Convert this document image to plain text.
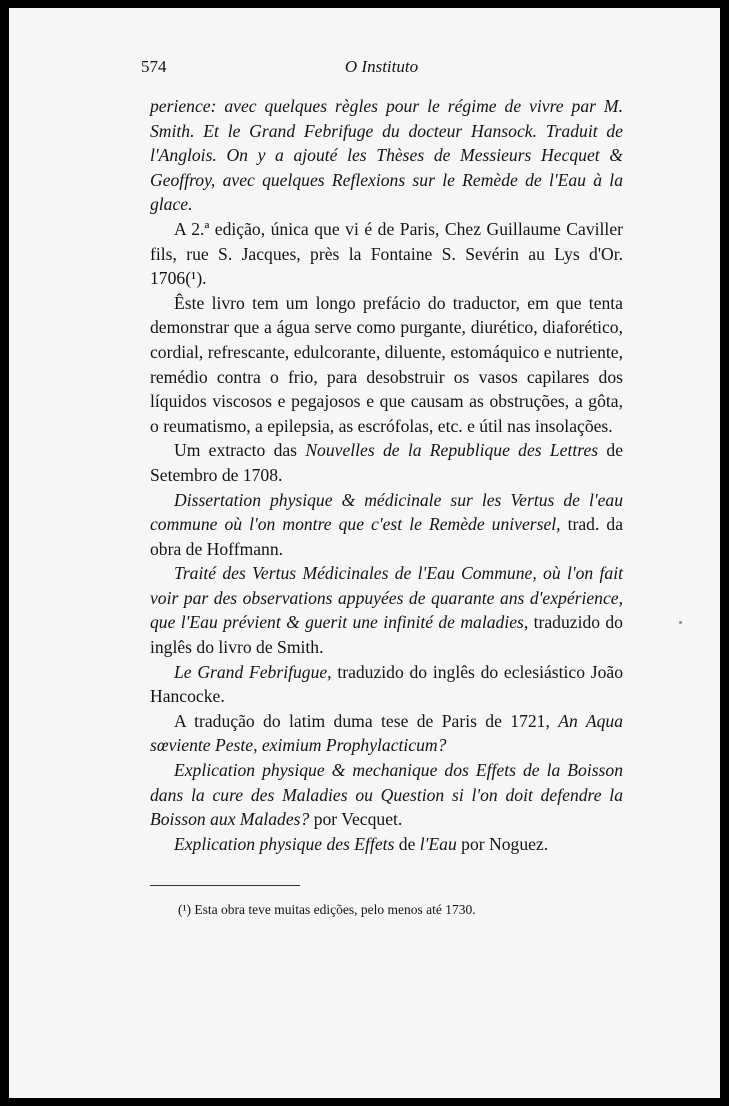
574	O Instituto

perience: avec quelques règles pour le régime de vivre par M. Smith. Et le Grand Febrifuge du docteur Hansock. Traduit de l'Anglois. On y a ajouté les Thèses de Messieurs Hecquet & Geoffroy, avec quelques Reflexions sur le Remède de l'Eau à la glace.

A 2.ª edição, única que vi é de Paris, Chez Guillaume Caviller fils, rue S. Jacques, près la Fontaine S. Sevérin au Lys d'Or. 1706(¹).

Êste livro tem um longo prefácio do traductor, em que tenta demonstrar que a água serve como purgante, diurético, diaforético, cordial, refrescante, edulcorante, diluente, estomáquico e nutriente, remédio contra o frio, para desobstruir os vasos capilares dos líquidos viscosos e pegajosos e que causam as obstruções, a gôta, o reumatismo, a epilepsia, as escrófolas, etc. e útil nas insolações.

Um extracto das Nouvelles de la Republique des Lettres de Setembro de 1708.

Dissertation physique & médicinale sur les Vertus de l'eau commune où l'on montre que c'est le Remède universel, trad. da obra de Hoffmann.

Traité des Vertus Médicinales de l'Eau Commune, où l'on fait voir par des observations appuyées de quarante ans d'expérience, que l'Eau prévient & guerit une infinité de maladies, traduzido do inglês do livro de Smith.

Le Grand Febrifugue, traduzido do inglês do eclesiástico João Hancocke.

A tradução do latim duma tese de Paris de 1721, An Aqua sœviente Peste, eximium Prophylacticum?

Explication physique & mechanique dos Effets de la Boisson dans la cure des Maladies ou Question si l'on doit defendre la Boisson aux Malades? por Vecquet.

Explication physique des Effets de l'Eau por Noguez.

(¹) Esta obra teve muitas edições, pelo menos até 1730.
